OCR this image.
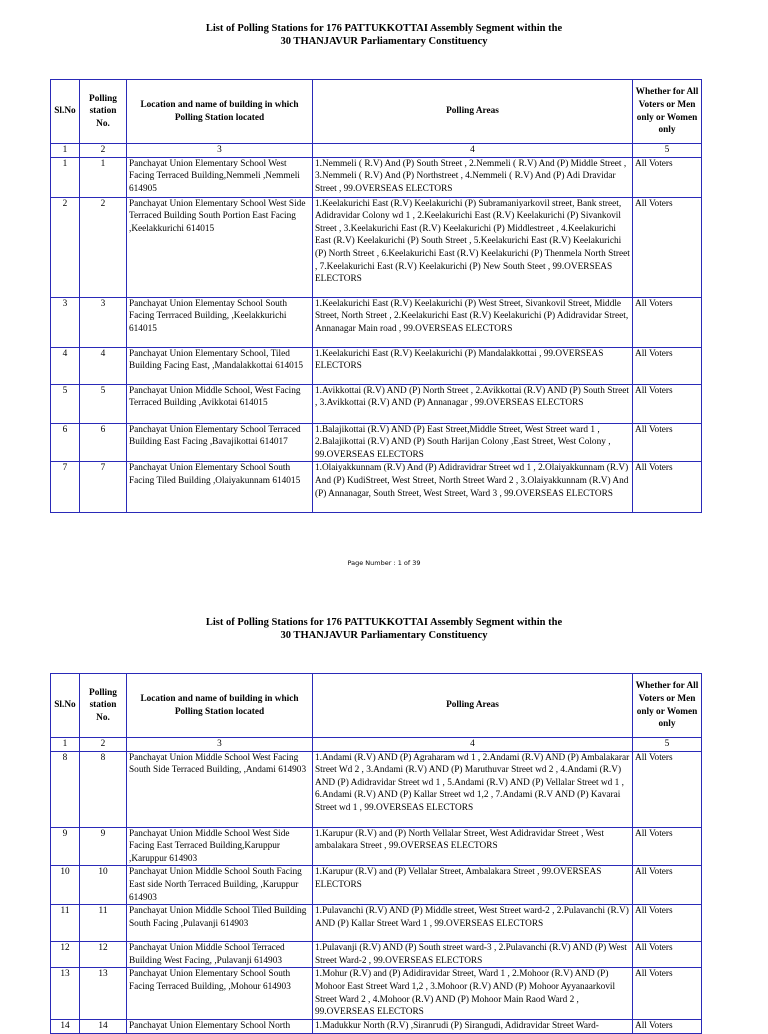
List of Polling Stations for 176 PATTUKKOTTAI Assembly Segment within the
30 THANJAVUR Parliamentary Constituency
Sl.No	Polling station No.	Location and name of building in which Polling Station located	Polling Areas	Whether for All Voters or Men only or Women only
1	2	3	4	5
1	1	Panchayat Union Elementary School West Facing Terraced Building,Nemmeli ,Nemmeli 614905	1.Nemmeli ( R.V) And (P) South Street , 2.Nemmeli ( R.V) And (P) Middle Street , 3.Nemmeli ( R.V) And (P) Northstreet , 4.Nemmeli ( R.V) And (P) Adi Dravidar Street , 99.OVERSEAS ELECTORS	All Voters
2	2	Panchayat Union Elementary School West Side Terraced Building South Portion East Facing ,Keelakkurichi 614015	1.Keelakurichi East (R.V) Keelakurichi (P) Subramaniyarkovil street, Bank street, Adidravidar Colony wd 1 , 2.Keelakurichi East (R.V) Keelakurichi (P) Sivankovil Street , 3.Keelakurichi East (R.V) Keelakurichi (P) Middlestreet , 4.Keelakurichi East (R.V) Keelakurichi (P) South Street , 5.Keelakurichi East (R.V) Keelakurichi (P) North Street , 6.Keelakurichi East (R.V) Keelakurichi (P) Thenmela North Street , 7.Keelakurichi East (R.V) Keelakurichi (P) New South Steet , 99.OVERSEAS ELECTORS	All Voters
3	3	Panchayat Union Elementay School South Facing Terrraced Building, ,Keelakkurichi 614015	1.Keelakurichi East (R.V) Keelakurichi (P) West Street, Sivankovil Street, Middle Street, North Street , 2.Keelakurichi East (R.V) Keelakurichi (P) Adidravidar Street, Annanagar Main road , 99.OVERSEAS ELECTORS	All Voters
4	4	Panchayat Union Elementary School, Tiled Building Facing East, ,Mandalakkottai 614015	1.Keelakurichi East (R.V) Keelakurichi (P) Mandalakkottai , 99.OVERSEAS ELECTORS	All Voters
5	5	Panchayat Union Middle School, West Facing Terraced Building ,Avikkotai 614015	1.Avikkottai (R.V) AND (P) North Street , 2.Avikkottai (R.V) AND (P) South Street , 3.Avikkottai (R.V) AND (P) Annanagar , 99.OVERSEAS ELECTORS	All Voters
6	6	Panchayat Union Elementary School Terraced Building East Facing ,Bavajikottai 614017	1.Balajikottai (R.V) AND (P) East Street,Middle Street, West Street ward 1 , 2.Balajikottai (R.V) AND (P) South Harijan Colony ,East Street, West Colony , 99.OVERSEAS ELECTORS	All Voters
7	7	Panchayat Union Elementary School South Facing Tiled Building ,Olaiyakunnam 614015	1.Olaiyakkunnam (R.V) And (P) Adidravidrar Street wd 1 , 2.Olaiyakkunnam (R.V) And (P) KudiStreet, West Street, North Street Ward 2 , 3.Olaiyakkunnam (R.V) And (P) Annanagar, South Street, West Street, Ward 3 , 99.OVERSEAS ELECTORS	All Voters
Page Number : 1 of 39
List of Polling Stations for 176 PATTUKKOTTAI Assembly Segment within the
30 THANJAVUR Parliamentary Constituency
Sl.No	Polling station No.	Location and name of building in which Polling Station located	Polling Areas	Whether for All Voters or Men only or Women only
1	2	3	4	5
8	8	Panchayat Union Middle School West Facing South Side Terraced Building, ,Andami 614903	1.Andami (R.V) AND (P) Agraharam wd 1 , 2.Andami (R.V) AND (P) Ambalakarar Street Wd 2 , 3.Andami (R.V) AND (P) Maruthuvar Street wd 2 , 4.Andami (R.V) AND (P) Adidravidar Street wd 1 , 5.Andami (R.V) AND (P) Vellalar Street wd 1 , 6.Andami (R.V) AND (P) Kallar Street wd 1,2 , 7.Andami (R.V AND (P) Kavarai Street wd 1 , 99.OVERSEAS ELECTORS	All Voters
9	9	Panchayat Union Middle School West Side Facing East Terraced Building,Karuppur ,Karuppur 614903	1.Karupur (R.V) and (P) North Vellalar Street, West Adidravidar Street , West ambalakara Street , 99.OVERSEAS ELECTORS	All Voters
10	10	Panchayat Union Middle School South Facing East side North Terraced Building, ,Karuppur 614903	1.Karupur (R.V) and (P) Vellalar Street, Ambalakara Street , 99.OVERSEAS ELECTORS	All Voters
11	11	Panchayat Union Middle School Tiled Building South Facing ,Pulavanji 614903	1.Pulavanchi (R.V) AND (P) Middle street, West Street ward-2 , 2.Pulavanchi (R.V) AND (P) Kallar Street Ward 1 , 99.OVERSEAS ELECTORS	All Voters
12	12	Panchayat Union Middle School Terraced Building West Facing, ,Pulavanji 614903	1.Pulavanji (R.V) AND (P) South street ward-3 , 2.Pulavanchi (R.V) AND (P) West Street Ward-2 , 99.OVERSEAS ELECTORS	All Voters
13	13	Panchayat Union Elementary School South Facing Terraced Building, ,Mohour 614903	1.Mohur (R.V) and (P) Adidiravidar Street, Ward 1 , 2.Mohoor (R.V) AND (P) Mohoor East Street Ward 1,2 , 3.Mohoor (R.V) AND (P) Mohoor Ayyanaarkovil Street Ward 2 , 4.Mohoor (R.V) AND (P) Mohoor Main Raod Ward 2 , 99.OVERSEAS ELECTORS	All Voters
14	14	Panchayat Union Elementary School North	1.Madukkur North (R.V) ,Siranгudi (P) Sirangudi, Adidravidar Street Ward-	All Voters
